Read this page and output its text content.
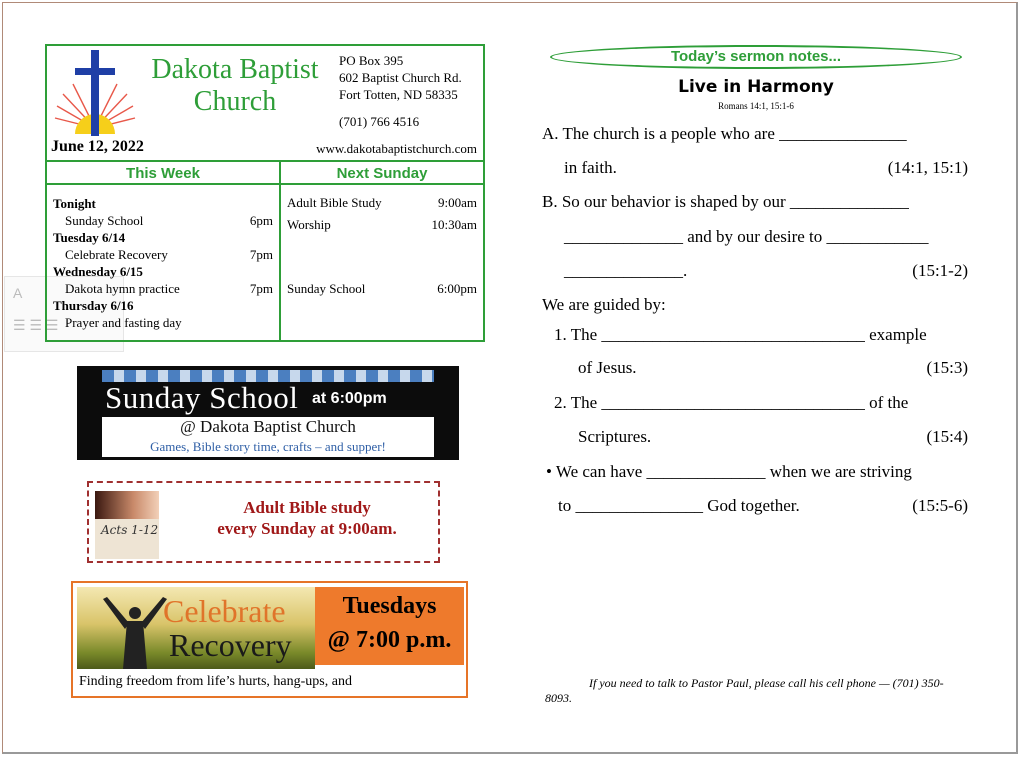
A
☰ ☰ ☰
Dakota Baptist
Church
PO Box 395
602 Baptist Church Rd.
Fort Totten, ND 58335
(701) 766 4516
June 12, 2022	www.dakotabaptistchurch.com
This Week	Next Sunday
Tonight
Sunday School	6pm
Tuesday 6/14
Celebrate Recovery	7pm
Wednesday 6/15
Dakota hymn practice	7pm
Thursday 6/16
Prayer and fasting day
Adult Bible Study	9:00am
Worship	10:30am
Sunday School	6:00pm
Sunday School at 6:00pm
@ Dakota Baptist Church
Games, Bible story time, crafts – and supper!
Acts 1-12
Adult Bible study
every Sunday at 9:00am.
Celebrate
Recovery
Tuesdays
@ 7:00 p.m.
Finding freedom from life’s hurts, hang-ups, and
Today’s sermon notes...
Live in Harmony
Romans 14:1, 15:1-6
A. The church is a people who are _______________
in faith.	(14:1, 15:1)
B. So our behavior is shaped by our ______________
______________ and by our desire to ____________
______________.	(15:1-2)
We are guided by:
1. The _______________________________ example
of Jesus.	(15:3)
2. The _______________________________ of the
Scriptures.	(15:4)
• We can have ______________ when we are striving
to _______________ God together.	(15:5-6)
If you need to talk to Pastor Paul, please call his cell phone — (701) 350-8093.
